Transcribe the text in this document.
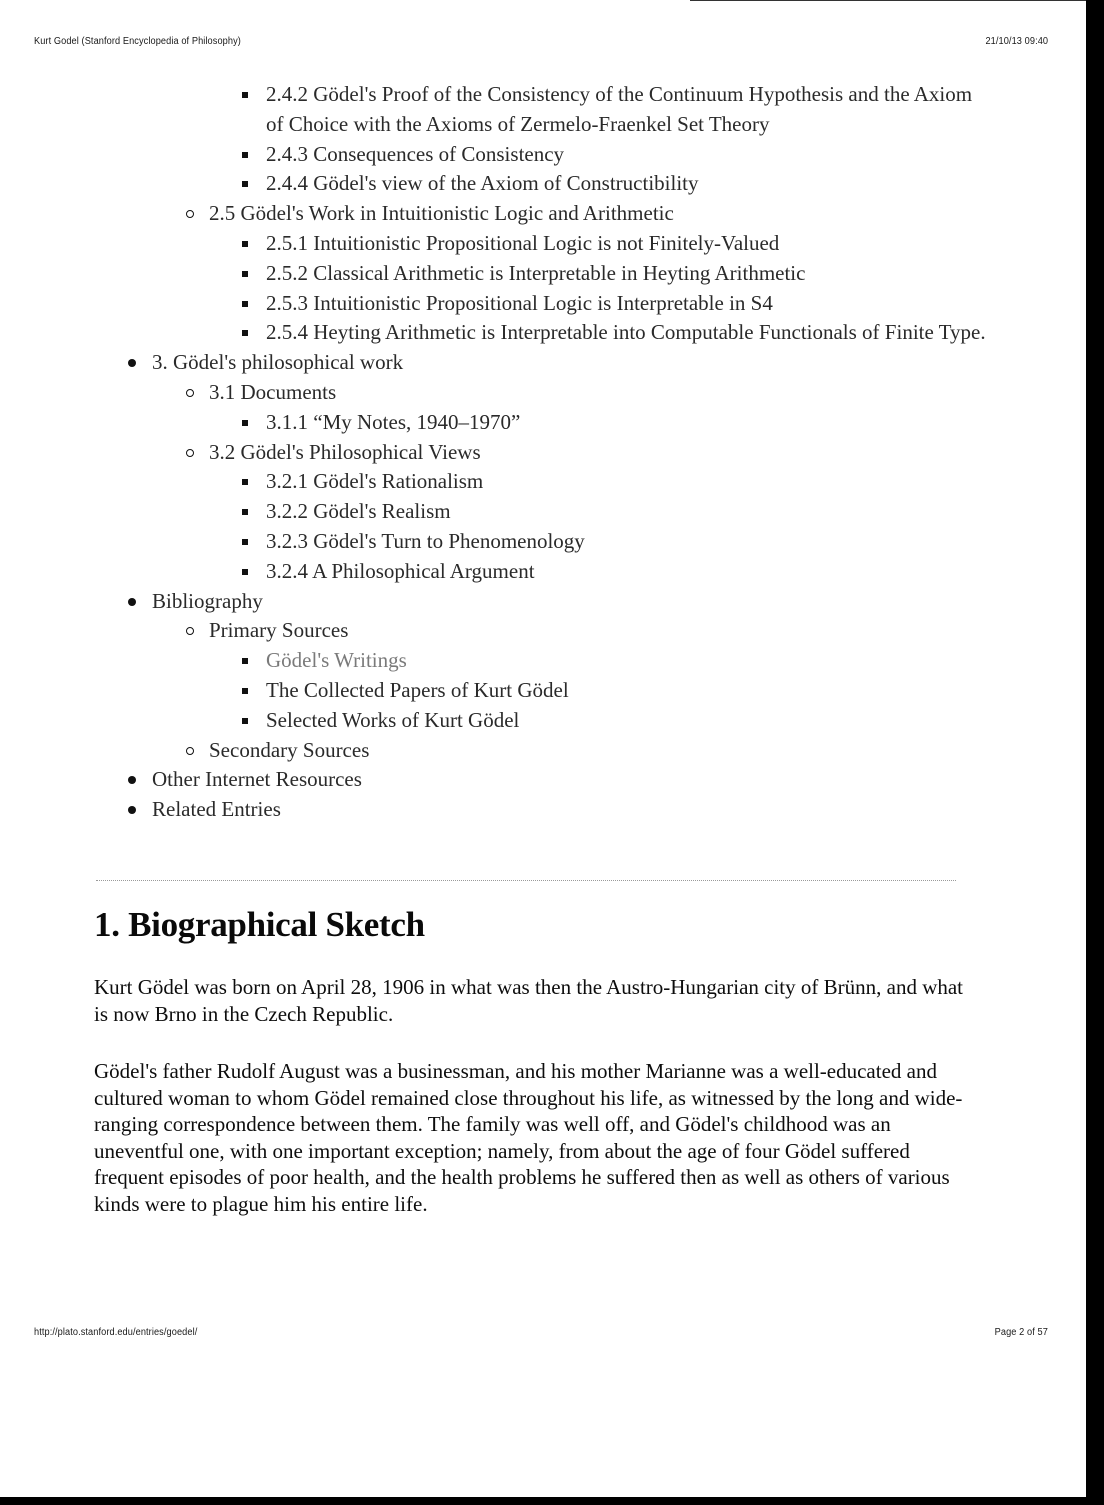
Kurt Godel (Stanford Encyclopedia of Philosophy)	21/10/13 09:40
2.4.2 Gödel's Proof of the Consistency of the Continuum Hypothesis and the Axiom of Choice with the Axioms of Zermelo-Fraenkel Set Theory
2.4.3 Consequences of Consistency
2.4.4 Gödel's view of the Axiom of Constructibility
2.5 Gödel's Work in Intuitionistic Logic and Arithmetic
2.5.1 Intuitionistic Propositional Logic is not Finitely-Valued
2.5.2 Classical Arithmetic is Interpretable in Heyting Arithmetic
2.5.3 Intuitionistic Propositional Logic is Interpretable in S4
2.5.4 Heyting Arithmetic is Interpretable into Computable Functionals of Finite Type.
3. Gödel's philosophical work
3.1 Documents
3.1.1 “My Notes, 1940–1970”
3.2 Gödel's Philosophical Views
3.2.1 Gödel's Rationalism
3.2.2 Gödel's Realism
3.2.3 Gödel's Turn to Phenomenology
3.2.4 A Philosophical Argument
Bibliography
Primary Sources
Gödel's Writings
The Collected Papers of Kurt Gödel
Selected Works of Kurt Gödel
Secondary Sources
Other Internet Resources
Related Entries
1. Biographical Sketch

Kurt Gödel was born on April 28, 1906 in what was then the Austro-Hungarian city of Brünn, and what is now Brno in the Czech Republic.

Gödel's father Rudolf August was a businessman, and his mother Marianne was a well-educated and cultured woman to whom Gödel remained close throughout his life, as witnessed by the long and wide-ranging correspondence between them. The family was well off, and Gödel's childhood was an uneventful one, with one important exception; namely, from about the age of four Gödel suffered frequent episodes of poor health, and the health problems he suffered then as well as others of various kinds were to plague him his entire life.

http://plato.stanford.edu/entries/goedel/	Page 2 of 57
